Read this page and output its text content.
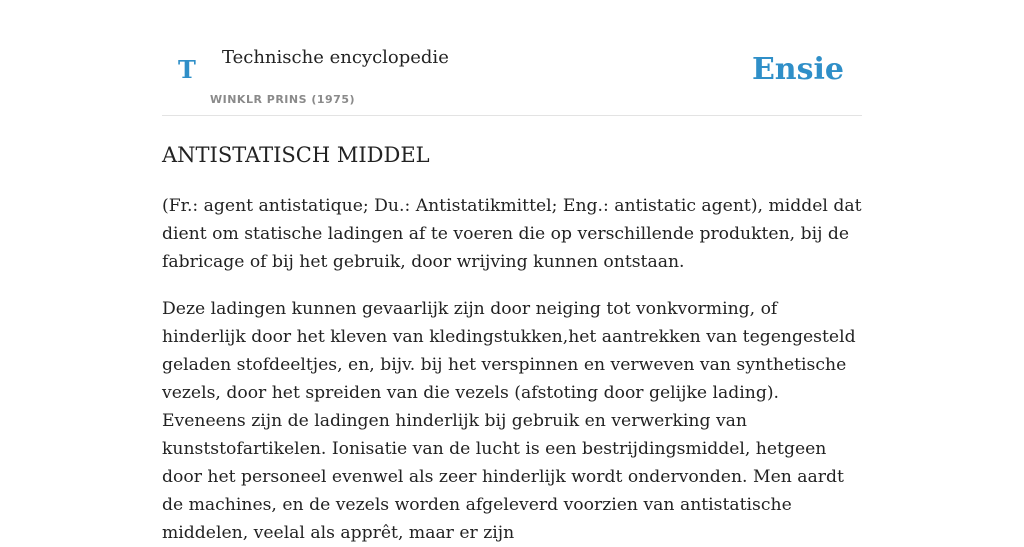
T Technische encyclopedie
WINKLR PRINS (1975)
Ensie
ANTISTATISCH MIDDEL

(Fr.: agent antistatique; Du.: Antistatikmittel; Eng.: antistatic agent), middel dat dient om statische ladingen af te voeren die op verschillende produkten, bij de fabricage of bij het gebruik, door wrijving kunnen ontstaan.

Deze ladingen kunnen gevaarlijk zijn door neiging tot vonkvorming, of hinderlijk door het kleven van kledingstukken,het aantrekken van tegengesteld geladen stofdeeltjes, en, bijv. bij het verspinnen en verweven van synthetische vezels, door het spreiden van die vezels (afstoting door gelijke lading). Eveneens zijn de ladingen hinderlijk bij gebruik en verwerking van kunststofartikelen. Ionisatie van de lucht is een bestrijdingsmiddel, hetgeen door het personeel evenwel als zeer hinderlijk wordt ondervonden. Men aardt de machines, en de vezels worden afgeleverd voorzien van antistatische middelen, veelal als apprêt, maar er zijn
